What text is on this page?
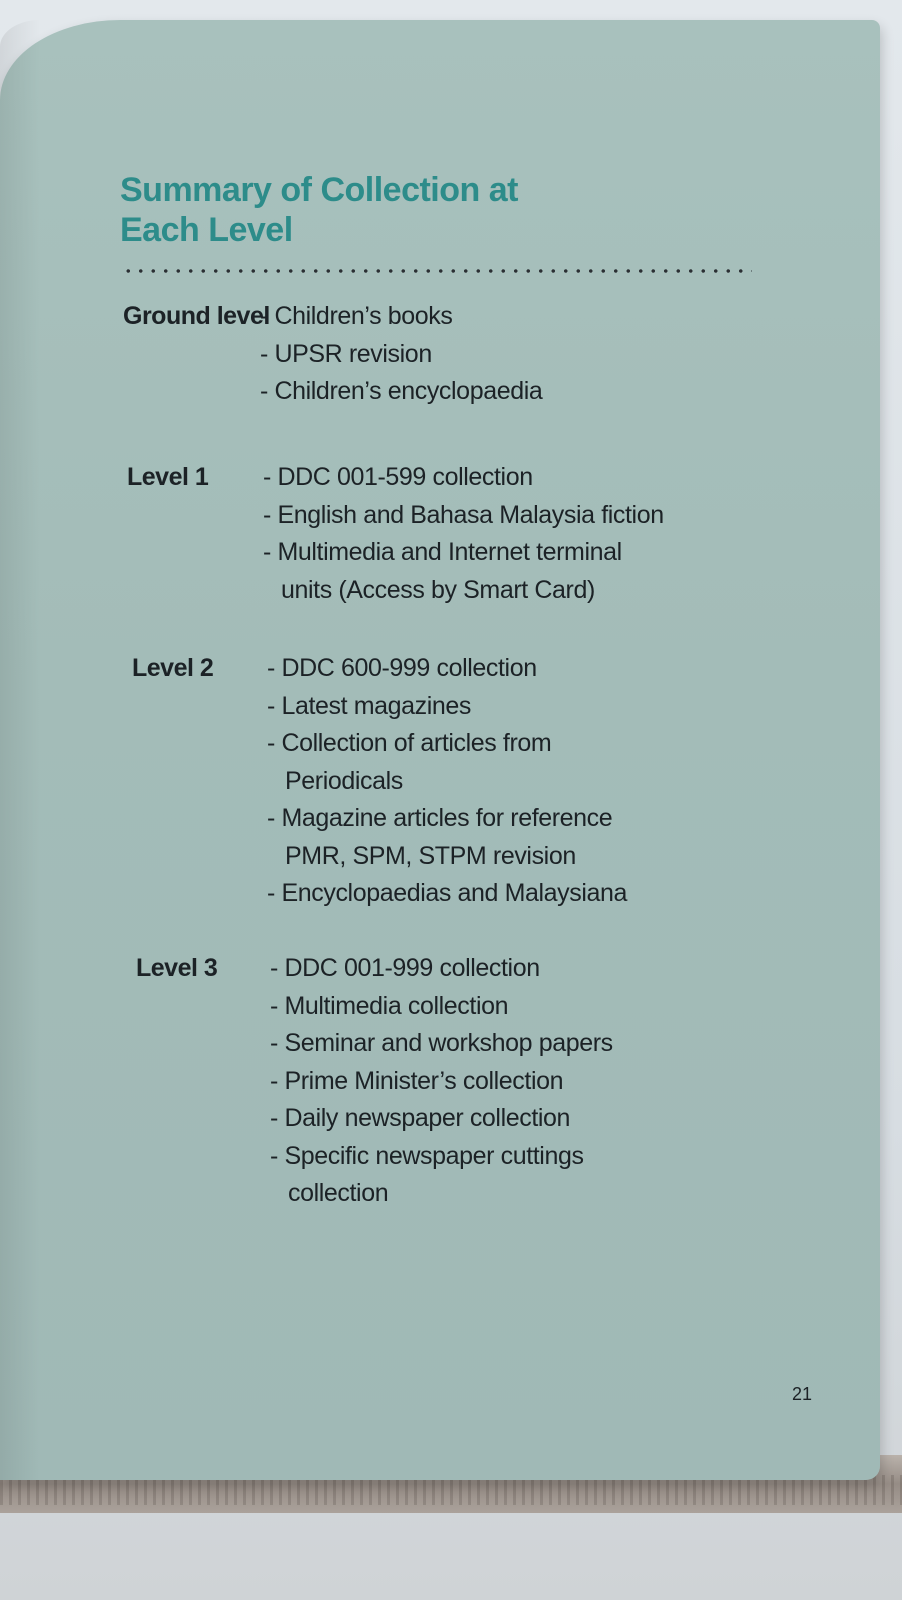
Summary of Collection at
Each Level
Ground level
- Children’s books
- UPSR revision
- Children’s encyclopaedia
Level 1 - DDC 001-599 collection
- English and Bahasa Malaysia fiction
- Multimedia and Internet terminal
units (Access by Smart Card)
Level 2 - DDC 600-999 collection
- Latest magazines
- Collection of articles from
Periodicals
- Magazine articles for reference
PMR, SPM, STPM revision
- Encyclopaedias and Malaysiana
Level 3 - DDC 001-999 collection
- Multimedia collection
- Seminar and workshop papers
- Prime Minister’s collection
- Daily newspaper collection
- Specific newspaper cuttings
collection
21
